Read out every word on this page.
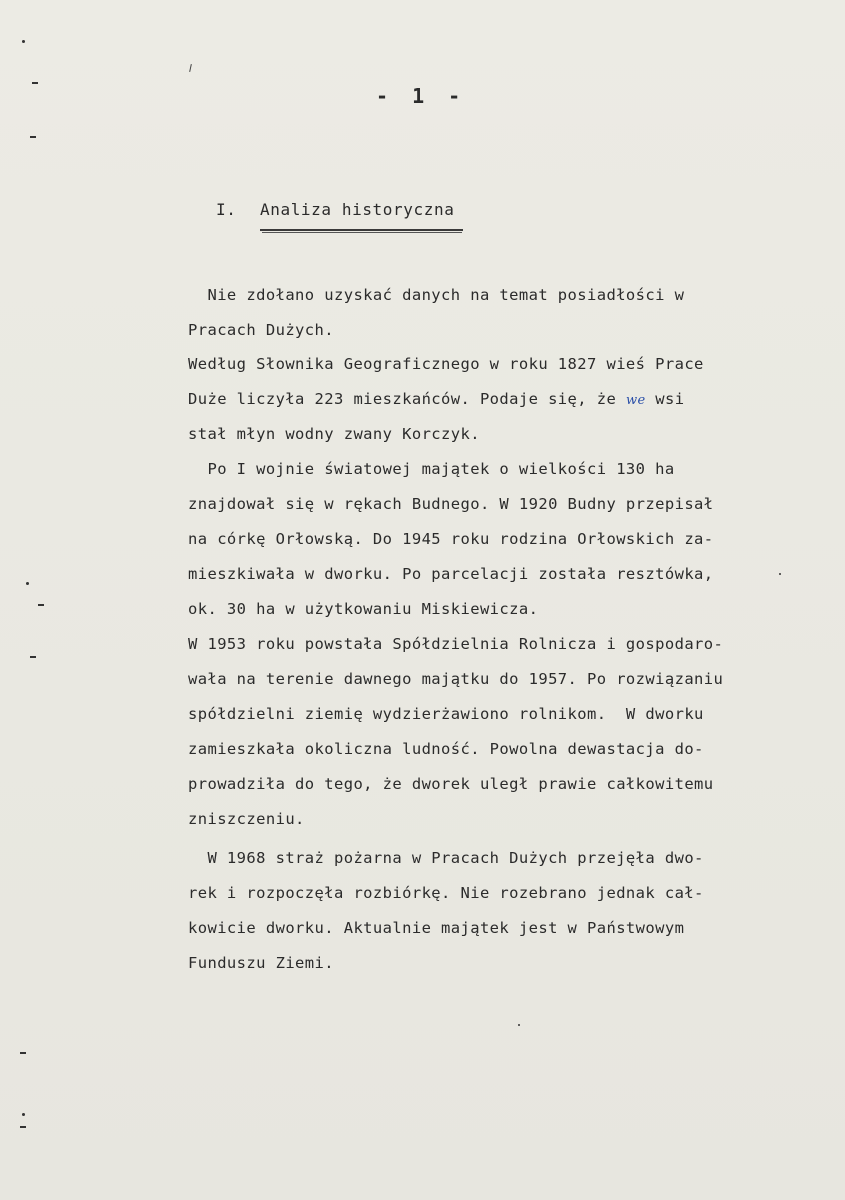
- 1 -
I. Analiza historyczna
Nie zdołano uzyskać danych na temat posiadłości w
Pracach Dużych.
Według Słownika Geograficznego w roku 1827 wieś Prace
Duże liczyła 223 mieszkańców. Podaje się, że we wsi
stał młyn wodny zwany Korczyk.
Po I wojnie światowej majątek o wielkości 130 ha
znajdował się w rękach Budnego. W 1920 Budny przepisał
na córkę Orłowską. Do 1945 roku rodzina Orłowskich za-
mieszkiwała w dworku. Po parcelacji została resztówka,
ok. 30 ha w użytkowaniu Miskiewicza.
W 1953 roku powstała Spółdzielnia Rolnicza i gospodaro-
wała na terenie dawnego majątku do 1957. Po rozwiązaniu
spółdzielni ziemię wydzierżawiono rolnikom.  W dworku
zamieszkała okoliczna ludność. Powolna dewastacja do-
prowadziła do tego, że dworek uległ prawie całkowitemu
zniszczeniu.
W 1968 straż pożarna w Pracach Dużych przejęła dwo-
rek i rozpoczęła rozbiórkę. Nie rozebrano jednak cał-
kowicie dworku. Aktualnie majątek jest w Państwowym
Funduszu Ziemi.
